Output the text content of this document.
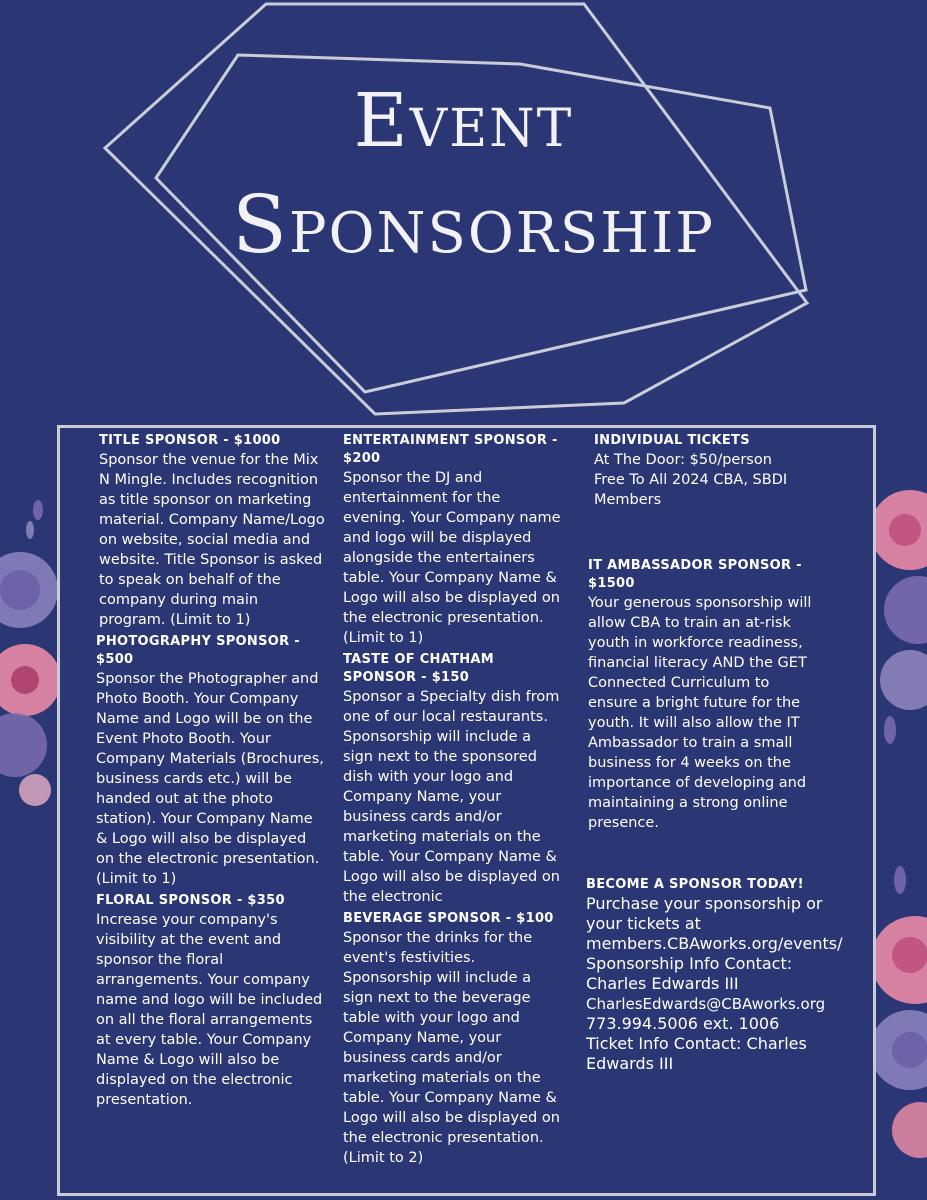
Event
Sponsorship

TITLE SPONSOR - $1000

Sponsor the venue for the Mix N Mingle. Includes recognition as title sponsor on marketing material. Company Name/Logo on website, social media and website. Title Sponsor is asked to speak on behalf of the company during main program. (Limit to 1)

PHOTOGRAPHY SPONSOR - $500

Sponsor the Photographer and Photo Booth. Your Company Name and Logo will be on the Event Photo Booth. Your Company Materials (Brochures, business cards etc.) will be handed out at the photo station). Your Company Name & Logo will also be displayed on the electronic presentation. (Limit to 1)

FLORAL SPONSOR - $350

Increase your company's visibility at the event and sponsor the floral arrangements. Your company name and logo will be included on all the floral arrangements at every table. Your Company Name & Logo will also be displayed on the electronic presentation.

ENTERTAINMENT SPONSOR - $200

Sponsor the DJ and entertainment for the evening. Your Company name and logo will be displayed alongside the entertainers table. Your Company Name & Logo will also be displayed on the electronic presentation. (Limit to 1)

TASTE OF CHATHAM SPONSOR - $150

Sponsor a Specialty dish from one of our local restaurants. Sponsorship will include a sign next to the sponsored dish with your logo and Company Name, your business cards and/or marketing materials on the table. Your Company Name & Logo will also be displayed on the electronic

BEVERAGE SPONSOR - $100

Sponsor the drinks for the event's festivities. Sponsorship will include a sign next to the beverage table with your logo and Company Name, your business cards and/or marketing materials on the table. Your Company Name & Logo will also be displayed on the electronic presentation. (Limit to 2)

INDIVIDUAL TICKETS

At The Door: $50/person

Free To All 2024 CBA, SBDI Members

IT AMBASSADOR SPONSOR - $1500

Your generous sponsorship will allow CBA to train an at-risk youth in workforce readiness, financial literacy AND the GET Connected Curriculum to ensure a bright future for the youth. It will also allow the IT Ambassador to train a small business for 4 weeks on the importance of developing and maintaining a strong online presence.

BECOME A SPONSOR TODAY!

Purchase your sponsorship or your tickets at

members.CBAworks.org/events/

Sponsorship Info Contact: Charles Edwards III

CharlesEdwards@CBAworks.org

773.994.5006 ext. 1006

Ticket Info Contact: Charles Edwards III
